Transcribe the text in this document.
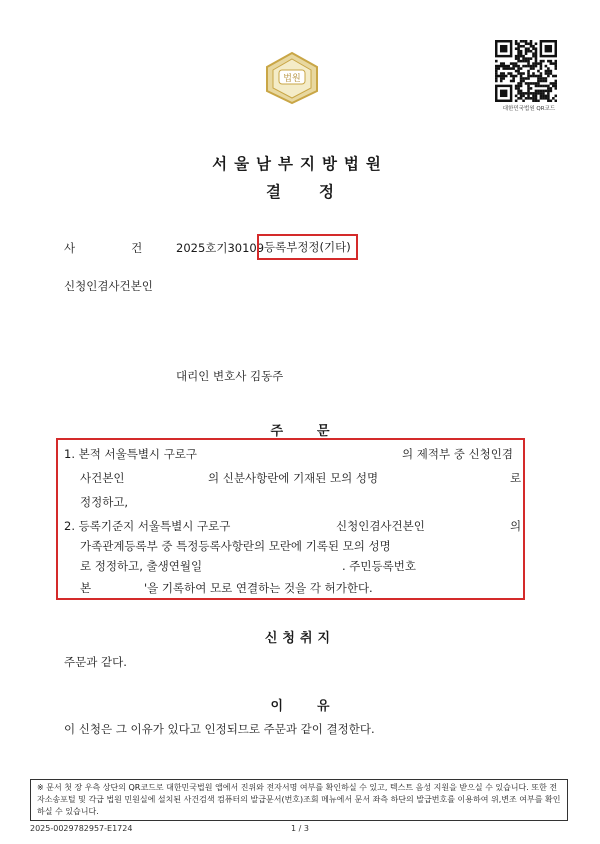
법원
대한민국법원 QR코드
서울남부지방법원
결정
사건
2025호기30109 등록부정정(기타)
신청인겸사건본인
대리인 변호사 김동주
주문
1. 본적 서울특별시 구로구	의 제적부 중 신청인겸
사건본인	의 신분사항란에 기재된 모의 성명	로
정정하고,
2. 등록기준지 서울특별시 구로구	신청인겸사건본인	의
가족관계등록부 중 특정등록사항란의 모란에 기록된 모의 성명
로 정정하고, 출생연월일	. 주민등록번호
본	'을 기록하여 모로 연결하는 것을 각 허가한다.
신청취지
주문과 같다.
이유
이 신청은 그 이유가 있다고 인정되므로 주문과 같이 결정한다.
※ 문서 첫 장 우측 상단의 QR코드로 대한민국법원 앱에서 진위와 전자서명 여부를 확인하실 수 있고, 텍스트 음성 지원을 받으실 수 있습니다. 또한 전자소송포털 및 각급 법원 민원실에 설치된 사건검색 컴퓨터의 발급문서(번호)조회 메뉴에서 문서 좌측 하단의 발급번호를 이용하여 위,변조 여부를 확인하실 수 있습니다.
2025-0029782957-E1724	1 / 3
